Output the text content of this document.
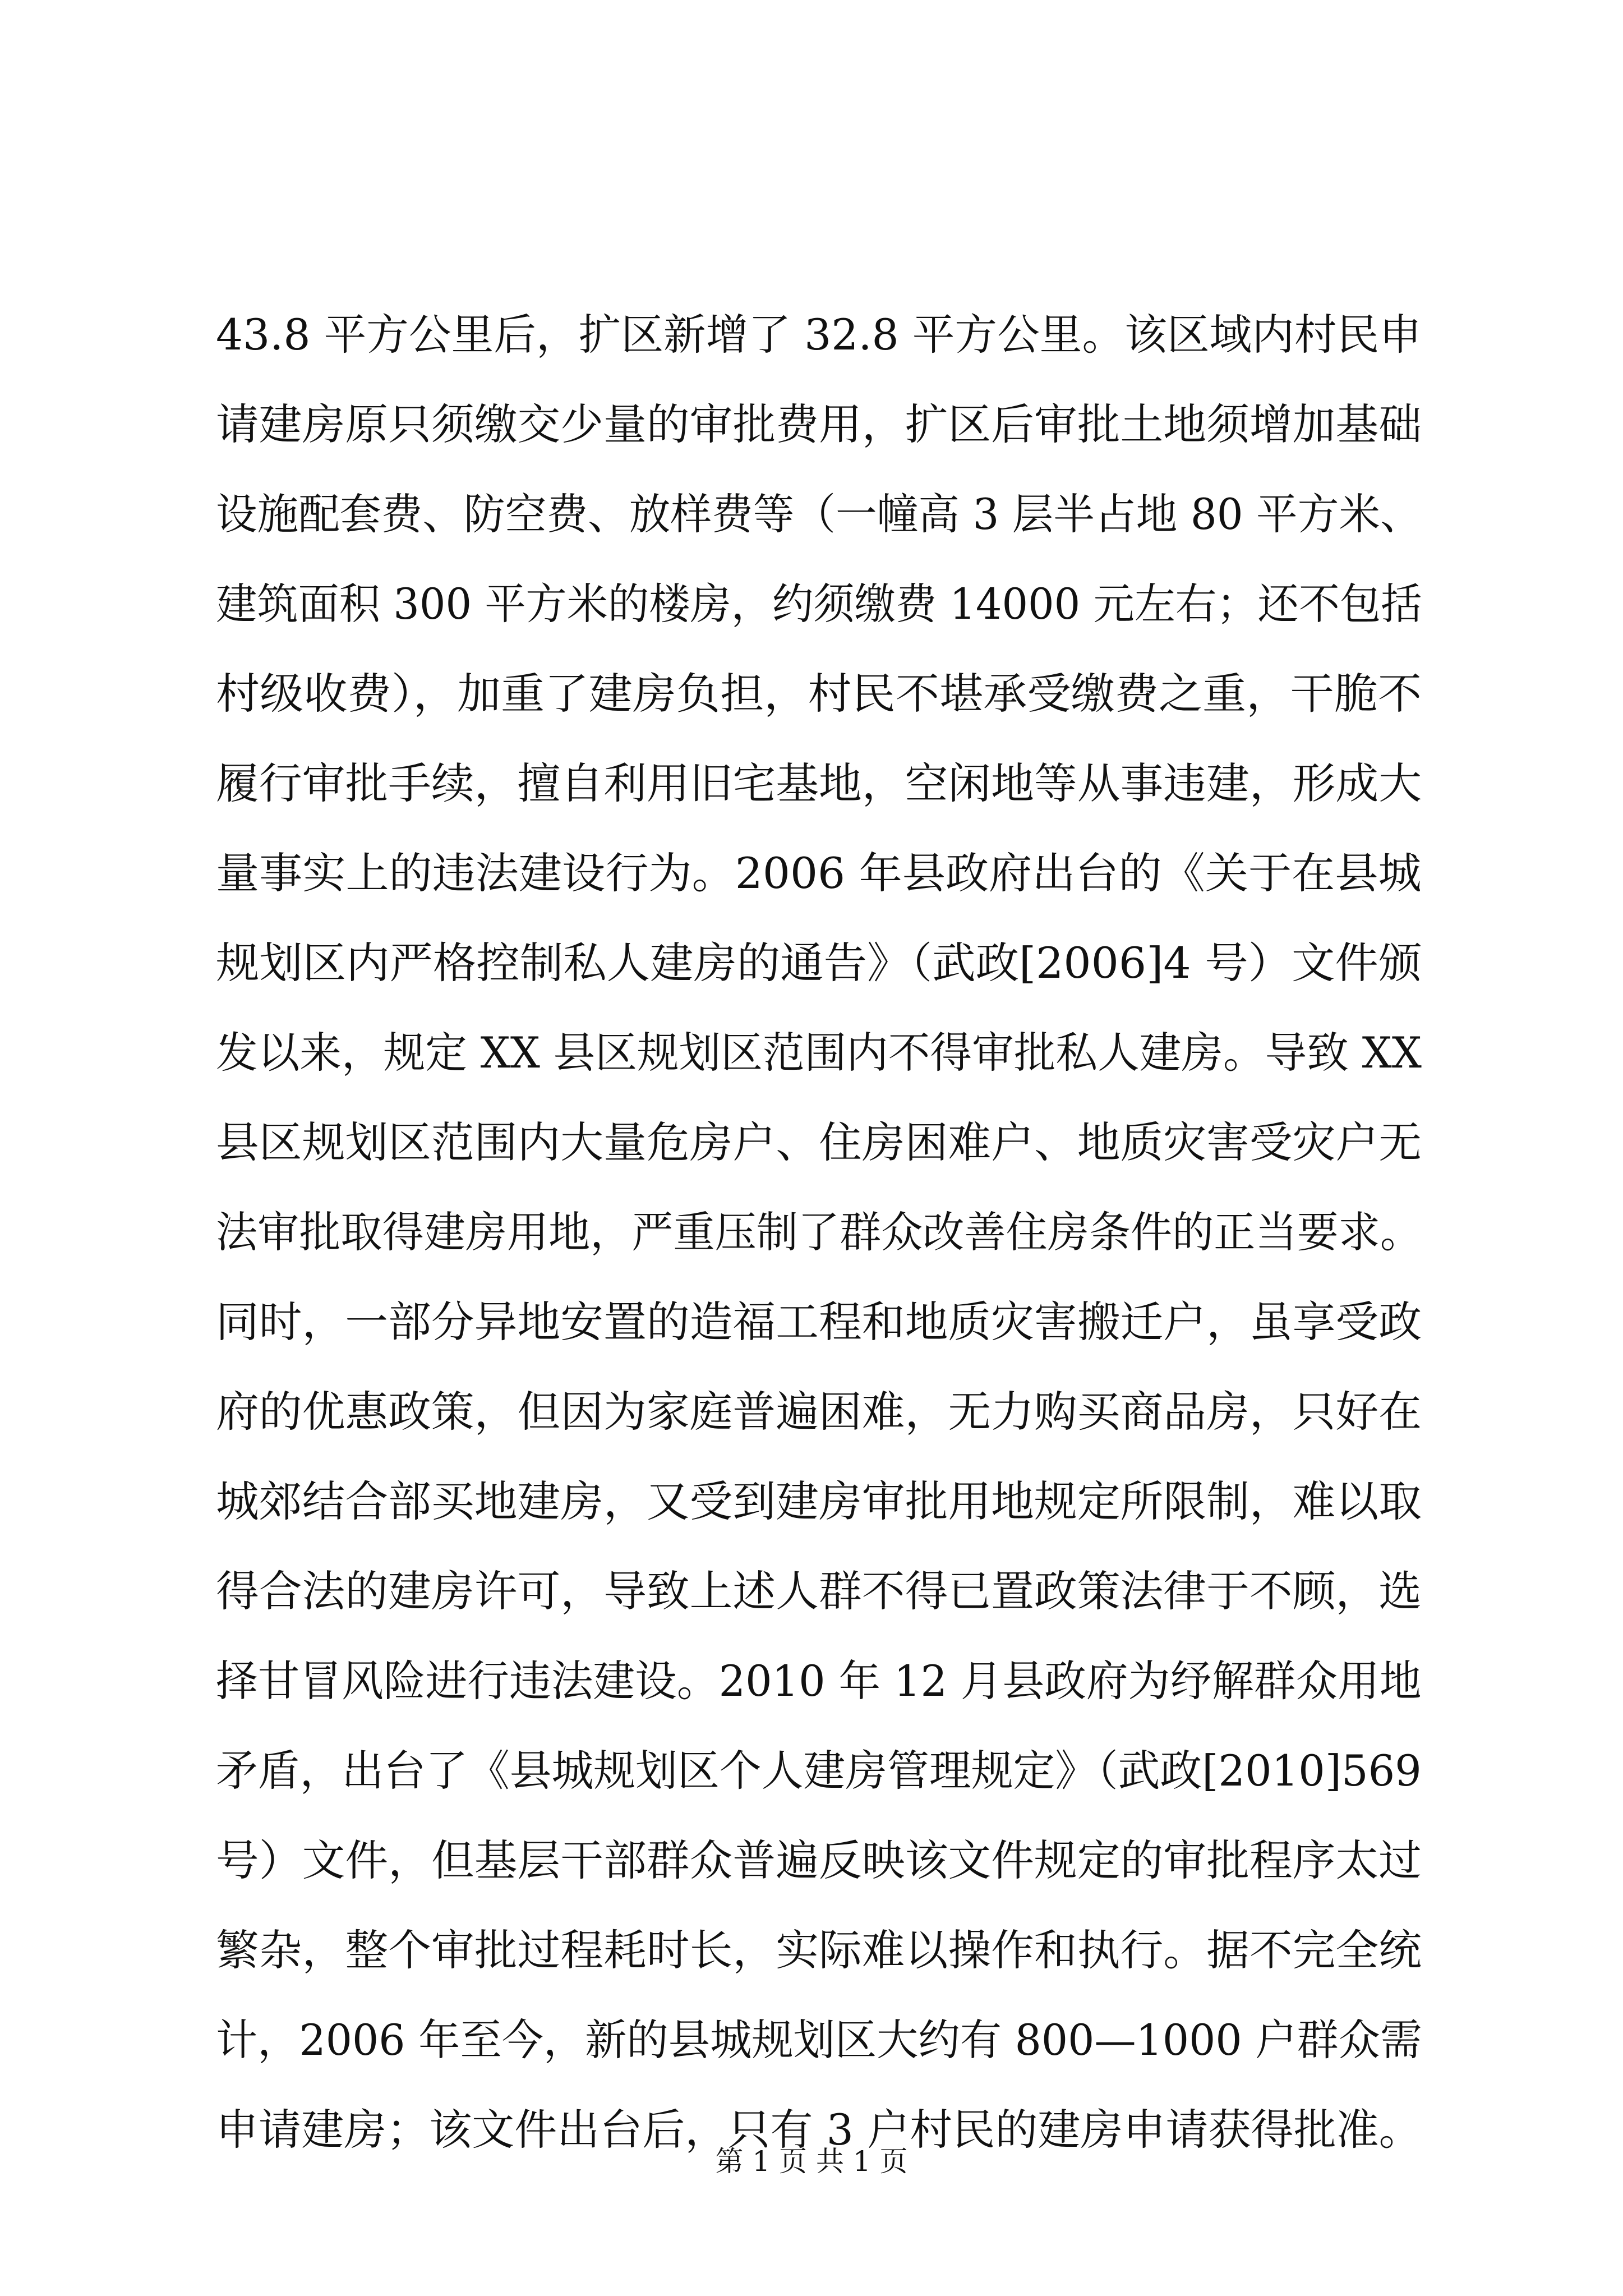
43.8 平方公里后，扩区新增了 32.8 平方公里。该区域内村民申
请建房原只须缴交少量的审批费用，扩区后审批土地须增加基础
设施配套费、防空费、放样费等（一幢高 3 层半占地 80 平方米、
建筑面积 300 平方米的楼房，约须缴费 14000 元左右；还不包括
村级收费），加重了建房负担，村民不堪承受缴费之重，干脆不
履行审批手续，擅自利用旧宅基地，空闲地等从事违建，形成大
量事实上的违法建设行为。2006 年县政府出台的《关于在县城
规划区内严格控制私人建房的通告》（武政[2006]4 号）文件颁
发以来，规定 XX 县区规划区范围内不得审批私人建房。导致 XX
县区规划区范围内大量危房户、住房困难户、地质灾害受灾户无
法审批取得建房用地，严重压制了群众改善住房条件的正当要求。
同时，一部分异地安置的造福工程和地质灾害搬迁户，虽享受政
府的优惠政策，但因为家庭普遍困难，无力购买商品房，只好在
城郊结合部买地建房，又受到建房审批用地规定所限制，难以取
得合法的建房许可，导致上述人群不得已置政策法律于不顾，选
择甘冒风险进行违法建设。2010 年 12 月县政府为纾解群众用地
矛盾，出台了《县城规划区个人建房管理规定》（武政[2010]569
号）文件，但基层干部群众普遍反映该文件规定的审批程序太过
繁杂，整个审批过程耗时长，实际难以操作和执行。据不完全统
计，2006 年至今，新的县城规划区大约有 800—1000 户群众需
申请建房；该文件出台后，只有 3 户村民的建房申请获得批准。
第 1 页 共 1 页
